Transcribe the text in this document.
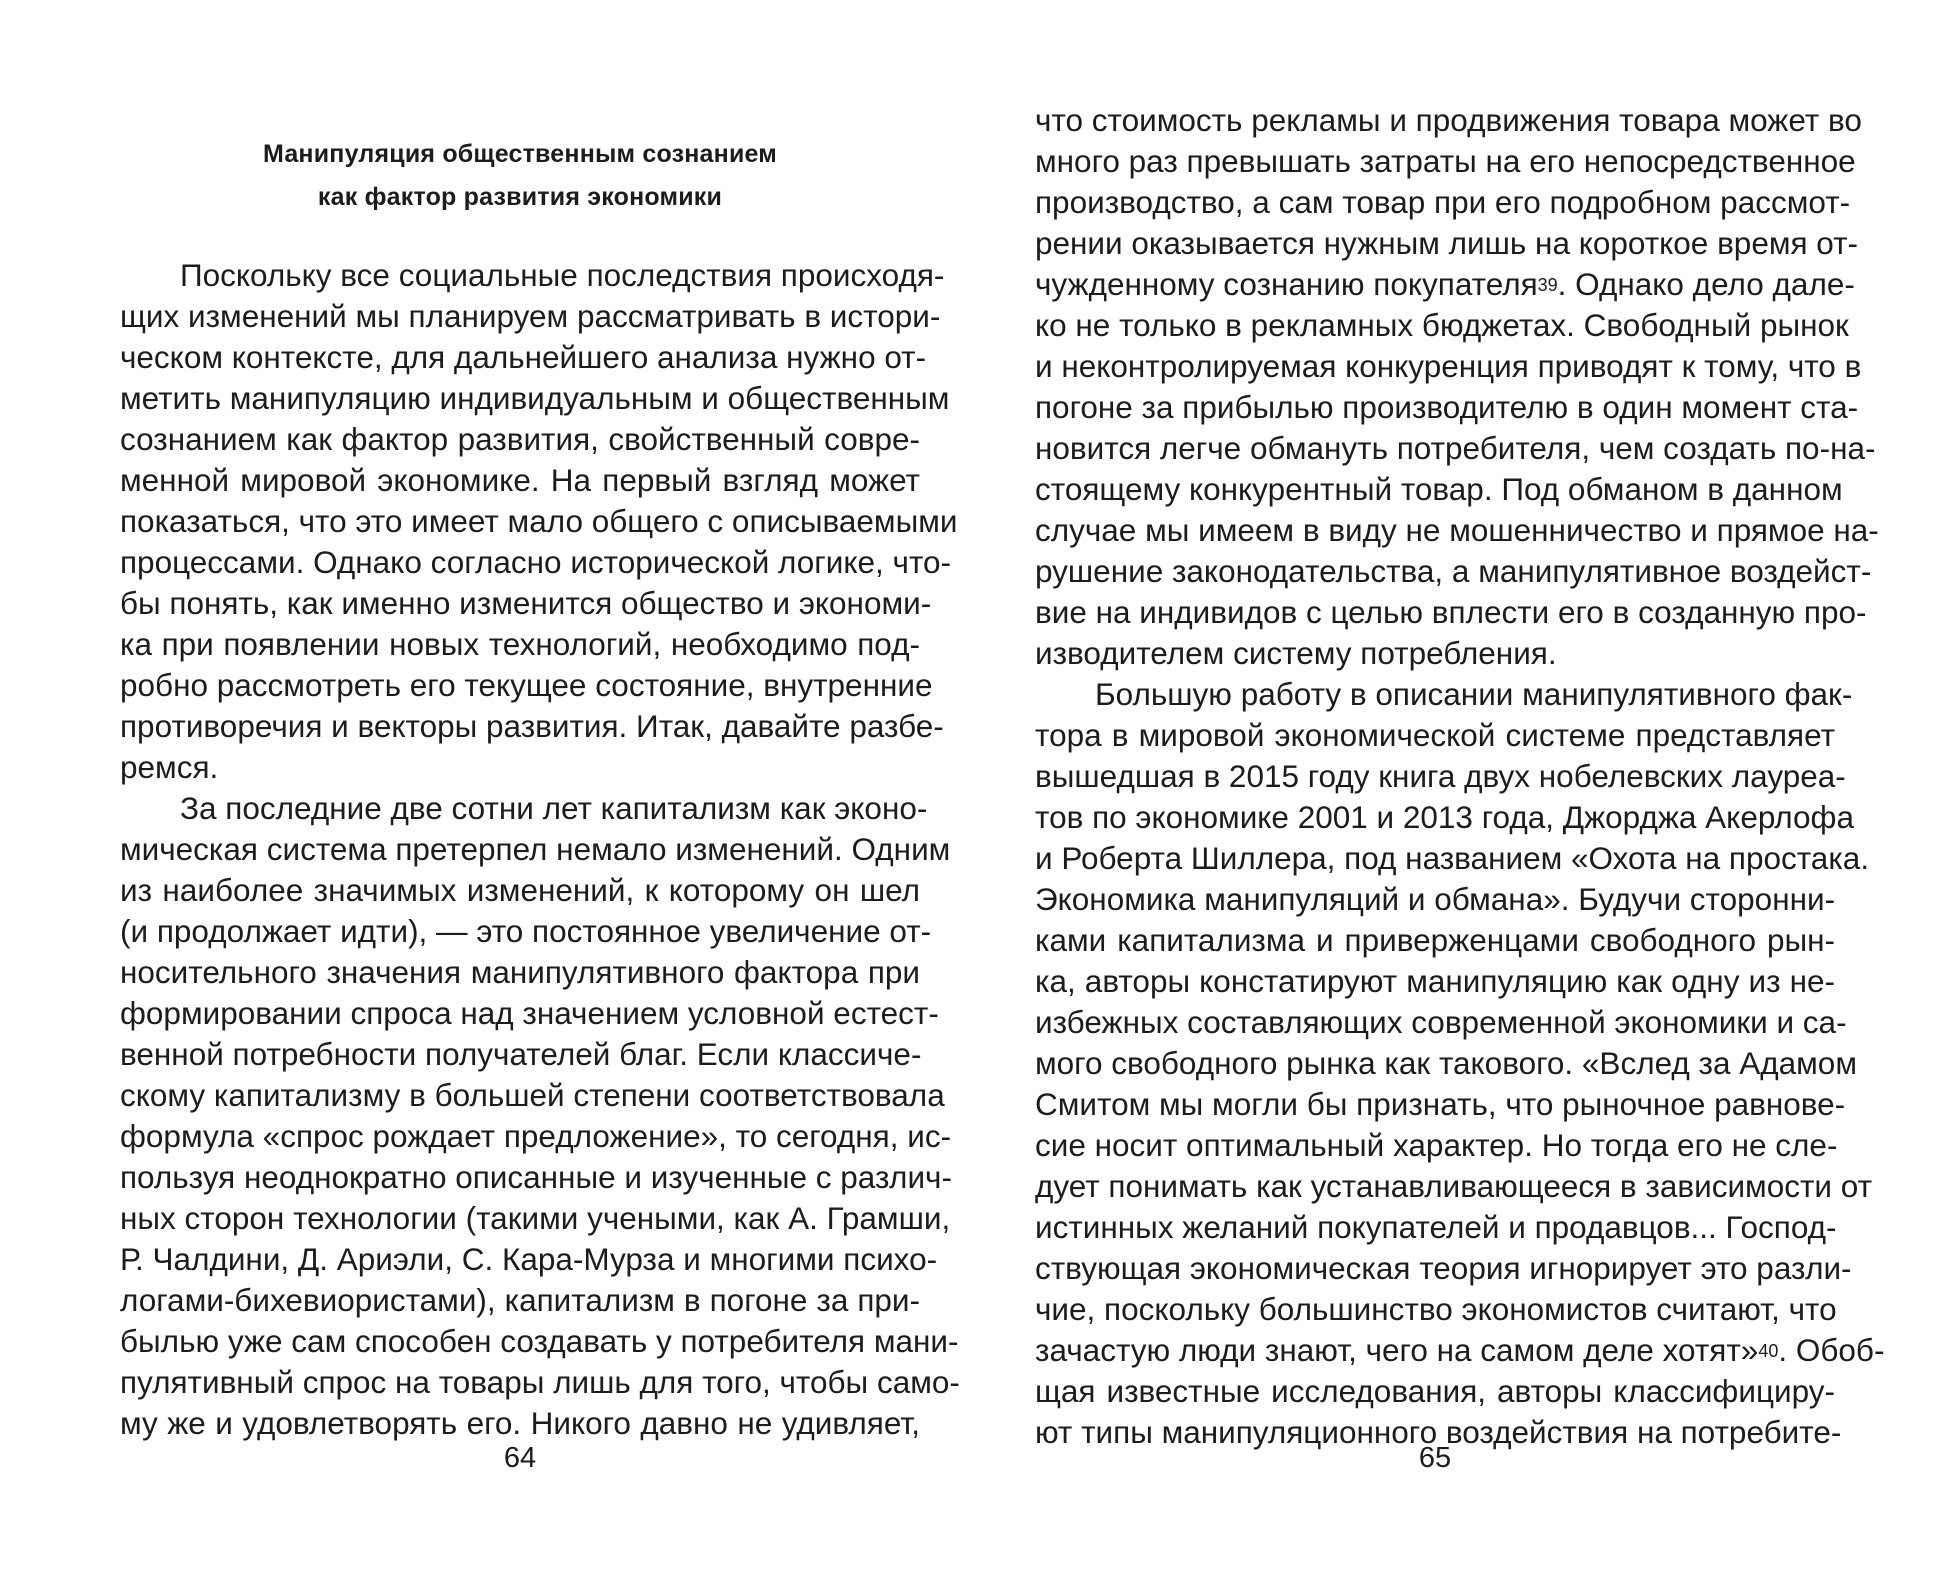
Манипуляция общественным сознанием
как фактор развития экономики
Поскольку все социальные последствия происходя-
щих изменений мы планируем рассматривать в истори-
ческом контексте, для дальнейшего анализа нужно от-
метить манипуляцию индивидуальным и общественным
сознанием как фактор развития, свойственный совре-
менной мировой экономике. На первый взгляд может
показаться, что это имеет мало общего с описываемыми
процессами. Однако согласно исторической логике, что-
бы понять, как именно изменится общество и экономи-
ка при появлении новых технологий, необходимо под-
робно рассмотреть его текущее состояние, внутренние
противоречия и векторы развития. Итак, давайте разбе-
ремся.
За последние две сотни лет капитализм как эконо-
мическая система претерпел немало изменений. Одним
из наиболее значимых изменений, к которому он шел
(и продолжает идти), — это постоянное увеличение от-
носительного значения манипулятивного фактора при
формировании спроса над значением условной естест-
венной потребности получателей благ. Если классиче-
скому капитализму в большей степени соответствовала
формула «спрос рождает предложение», то сегодня, ис-
пользуя неоднократно описанные и изученные с различ-
ных сторон технологии (такими учеными, как А. Грамши,
Р. Чалдини, Д. Ариэли, С. Кара-Мурза и многими психо-
логами-бихевиористами), капитализм в погоне за при-
былью уже сам способен создавать у потребителя мани-
пулятивный спрос на товары лишь для того, чтобы само-
му же и удовлетворять его. Никого давно не удивляет,
64
что стоимость рекламы и продвижения товара может во
много раз превышать затраты на его непосредственное
производство, а сам товар при его подробном рассмот-
рении оказывается нужным лишь на короткое время от-
чужденному сознанию покупателя$^{39}$. Однако дело дале-
ко не только в рекламных бюджетах. Свободный рынок
и неконтролируемая конкуренция приводят к тому, что в
погоне за прибылью производителю в один момент ста-
новится легче обмануть потребителя, чем создать по-на-
стоящему конкурентный товар. Под обманом в данном
случае мы имеем в виду не мошенничество и прямое на-
рушение законодательства, а манипулятивное воздейст-
вие на индивидов с целью вплести его в созданную про-
изводителем систему потребления.
Большую работу в описании манипулятивного фак-
тора в мировой экономической системе представляет
вышедшая в 2015 году книга двух нобелевских лауреа-
тов по экономике 2001 и 2013 года, Джорджа Акерлофа
и Роберта Шиллера, под названием «Охота на простака.
Экономика манипуляций и обмана». Будучи сторонни-
ками капитализма и приверженцами свободного рын-
ка, авторы констатируют манипуляцию как одну из не-
избежных составляющих современной экономики и са-
мого свободного рынка как такового. «Вслед за Адамом
Смитом мы могли бы признать, что рыночное равнове-
сие носит оптимальный характер. Но тогда его не сле-
дует понимать как устанавливающееся в зависимости от
истинных желаний покупателей и продавцов... Господ-
ствующая экономическая теория игнорирует это разли-
чие, поскольку большинство экономистов считают, что
зачастую люди знают, чего на самом деле хотят»$^{40}$. Обоб-
щая известные исследования, авторы классифициру-
ют типы манипуляционного воздействия на потребите-
65
